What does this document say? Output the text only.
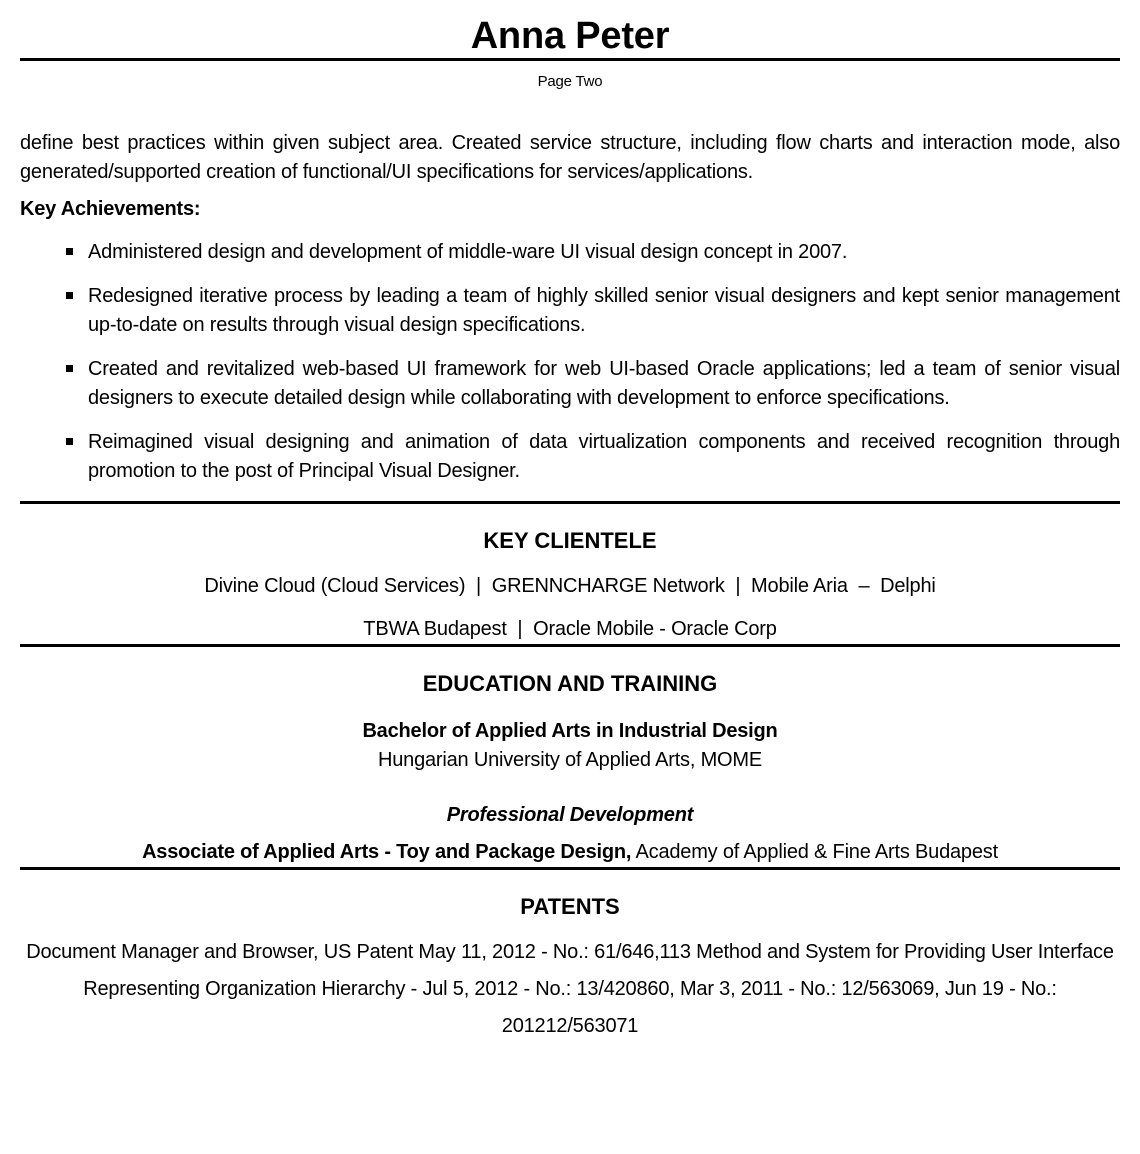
Anna Peter
Page Two

define best practices within given subject area. Created service structure, including flow charts and interaction mode, also generated/supported creation of functional/UI specifications for services/applications.

Key Achievements:

Administered design and development of middle-ware UI visual design concept in 2007.
Redesigned iterative process by leading a team of highly skilled senior visual designers and kept senior management up-to-date on results through visual design specifications.
Created and revitalized web-based UI framework for web UI-based Oracle applications; led a team of senior visual designers to execute detailed design while collaborating with development to enforce specifications.
Reimagined visual designing and animation of data virtualization components and received recognition through promotion to the post of Principal Visual Designer.
KEY CLIENTELE

Divine Cloud (Cloud Services)  |  GRENNCHARGE Network  |  Mobile Aria  –  Delphi

TBWA Budapest  |  Oracle Mobile - Oracle Corp

EDUCATION AND TRAINING

Bachelor of Applied Arts in Industrial Design

Hungarian University of Applied Arts, MOME

Professional Development

Associate of Applied Arts - Toy and Package Design, Academy of Applied & Fine Arts Budapest

PATENTS

Document Manager and Browser, US Patent May 11, 2012 - No.: 61/646,113 Method and System for Providing User Interface Representing Organization Hierarchy - Jul 5, 2012 - No.: 13/420860, Mar 3, 2011 - No.: 12/563069, Jun 19 - No.: 201212/563071
